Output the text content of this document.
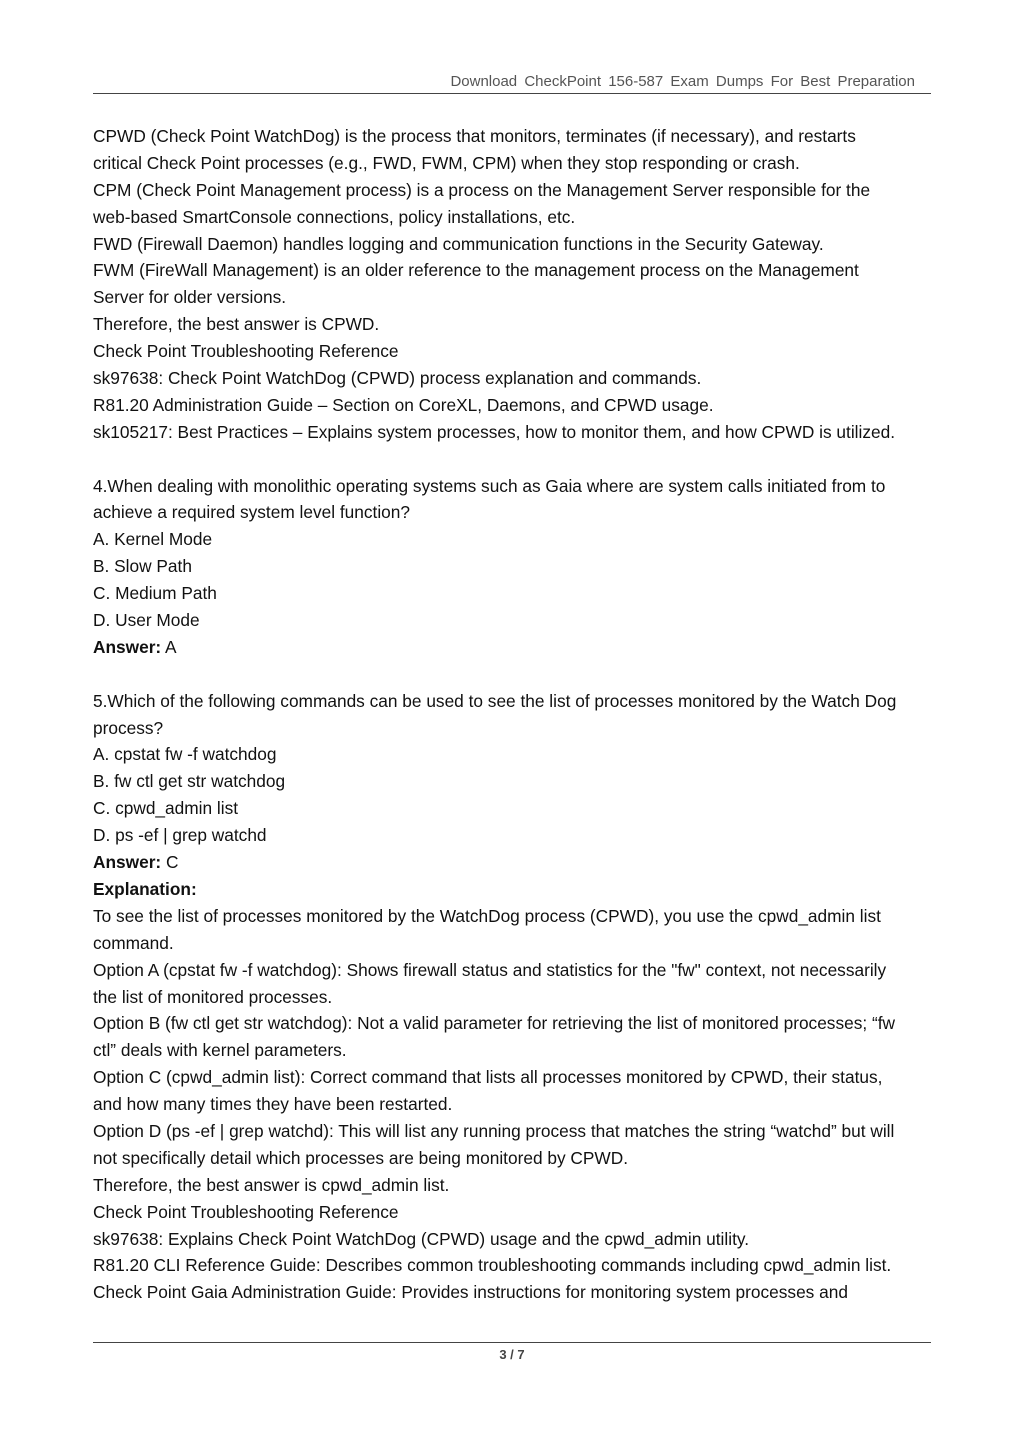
Download CheckPoint 156-587 Exam Dumps For Best Preparation
CPWD (Check Point WatchDog) is the process that monitors, terminates (if necessary), and restarts
critical Check Point processes (e.g., FWD, FWM, CPM) when they stop responding or crash.
CPM (Check Point Management process) is a process on the Management Server responsible for the
web-based SmartConsole connections, policy installations, etc.
FWD (Firewall Daemon) handles logging and communication functions in the Security Gateway.
FWM (FireWall Management) is an older reference to the management process on the Management
Server for older versions.
Therefore, the best answer is CPWD.
Check Point Troubleshooting Reference
sk97638: Check Point WatchDog (CPWD) process explanation and commands.
R81.20 Administration Guide – Section on CoreXL, Daemons, and CPWD usage.
sk105217: Best Practices – Explains system processes, how to monitor them, and how CPWD is utilized.
4.When dealing with monolithic operating systems such as Gaia where are system calls initiated from to
achieve a required system level function?
A. Kernel Mode
B. Slow Path
C. Medium Path
D. User Mode
Answer: A
5.Which of the following commands can be used to see the list of processes monitored by the Watch Dog
process?
A. cpstat fw -f watchdog
B. fw ctl get str watchdog
C. cpwd_admin list
D. ps -ef | grep watchd
Answer: C
Explanation:
To see the list of processes monitored by the WatchDog process (CPWD), you use the cpwd_admin list
command.
Option A (cpstat fw -f watchdog): Shows firewall status and statistics for the "fw" context, not necessarily
the list of monitored processes.
Option B (fw ctl get str watchdog): Not a valid parameter for retrieving the list of monitored processes; “fw
ctl” deals with kernel parameters.
Option C (cpwd_admin list): Correct command that lists all processes monitored by CPWD, their status,
and how many times they have been restarted.
Option D (ps -ef | grep watchd): This will list any running process that matches the string “watchd” but will
not specifically detail which processes are being monitored by CPWD.
Therefore, the best answer is cpwd_admin list.
Check Point Troubleshooting Reference
sk97638: Explains Check Point WatchDog (CPWD) usage and the cpwd_admin utility.
R81.20 CLI Reference Guide: Describes common troubleshooting commands including cpwd_admin list.
Check Point Gaia Administration Guide: Provides instructions for monitoring system processes and
3 / 7
